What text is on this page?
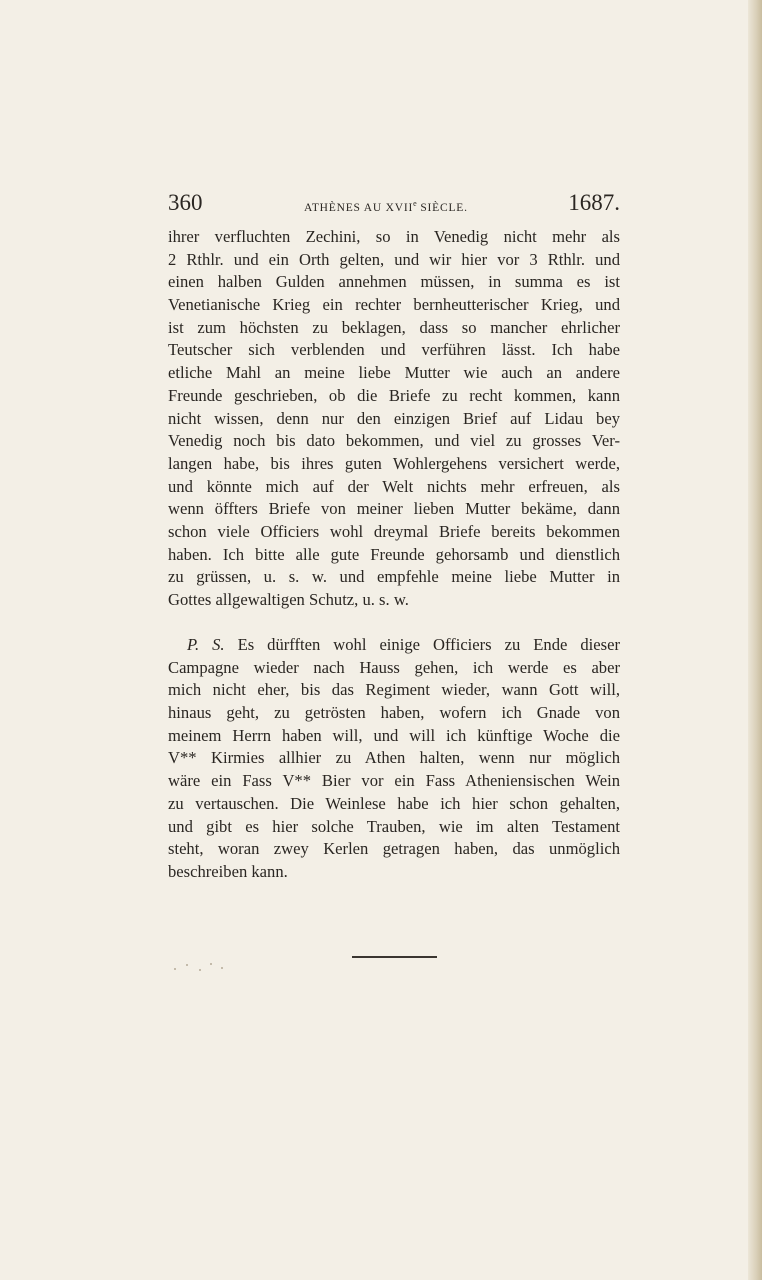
360	ATHÈNES AU XVIIe SIÈCLE.	1687.
ihrer verfluchten Zechini, so in Venedig nicht mehr als
2 Rthlr. und ein Orth gelten, und wir hier vor 3 Rthlr. und
einen halben Gulden annehmen müssen, in summa es ist
Venetianische Krieg ein rechter bernheutterischer Krieg, und
ist zum höchsten zu beklagen, dass so mancher ehrlicher
Teutscher sich verblenden und verführen lässt. Ich habe
etliche Mahl an meine liebe Mutter wie auch an andere
Freunde geschrieben, ob die Briefe zu recht kommen, kann
nicht wissen, denn nur den einzigen Brief auf Lidau bey
Venedig noch bis dato bekommen, und viel zu grosses Ver-
langen habe, bis ihres guten Wohlergehens versichert werde,
und könnte mich auf der Welt nichts mehr erfreuen, als
wenn öffters Briefe von meiner lieben Mutter bekäme, dann
schon viele Officiers wohl dreymal Briefe bereits bekommen
haben. Ich bitte alle gute Freunde gehorsamb und dienstlich
zu grüssen, u. s. w. und empfehle meine liebe Mutter in
Gottes allgewaltigen Schutz, u. s. w.
P. S. Es dürfften wohl einige Officiers zu Ende dieser
Campagne wieder nach Hauss gehen, ich werde es aber
mich nicht eher, bis das Regiment wieder, wann Gott will,
hinaus geht, zu getrösten haben, wofern ich Gnade von
meinem Herrn haben will, und will ich künftige Woche die
V** Kirmies allhier zu Athen halten, wenn nur möglich
wäre ein Fass V** Bier vor ein Fass Atheniensischen Wein
zu vertauschen. Die Weinlese habe ich hier schon gehalten,
und gibt es hier solche Trauben, wie im alten Testament
steht, woran zwey Kerlen getragen haben, das unmöglich
beschreiben kann.
